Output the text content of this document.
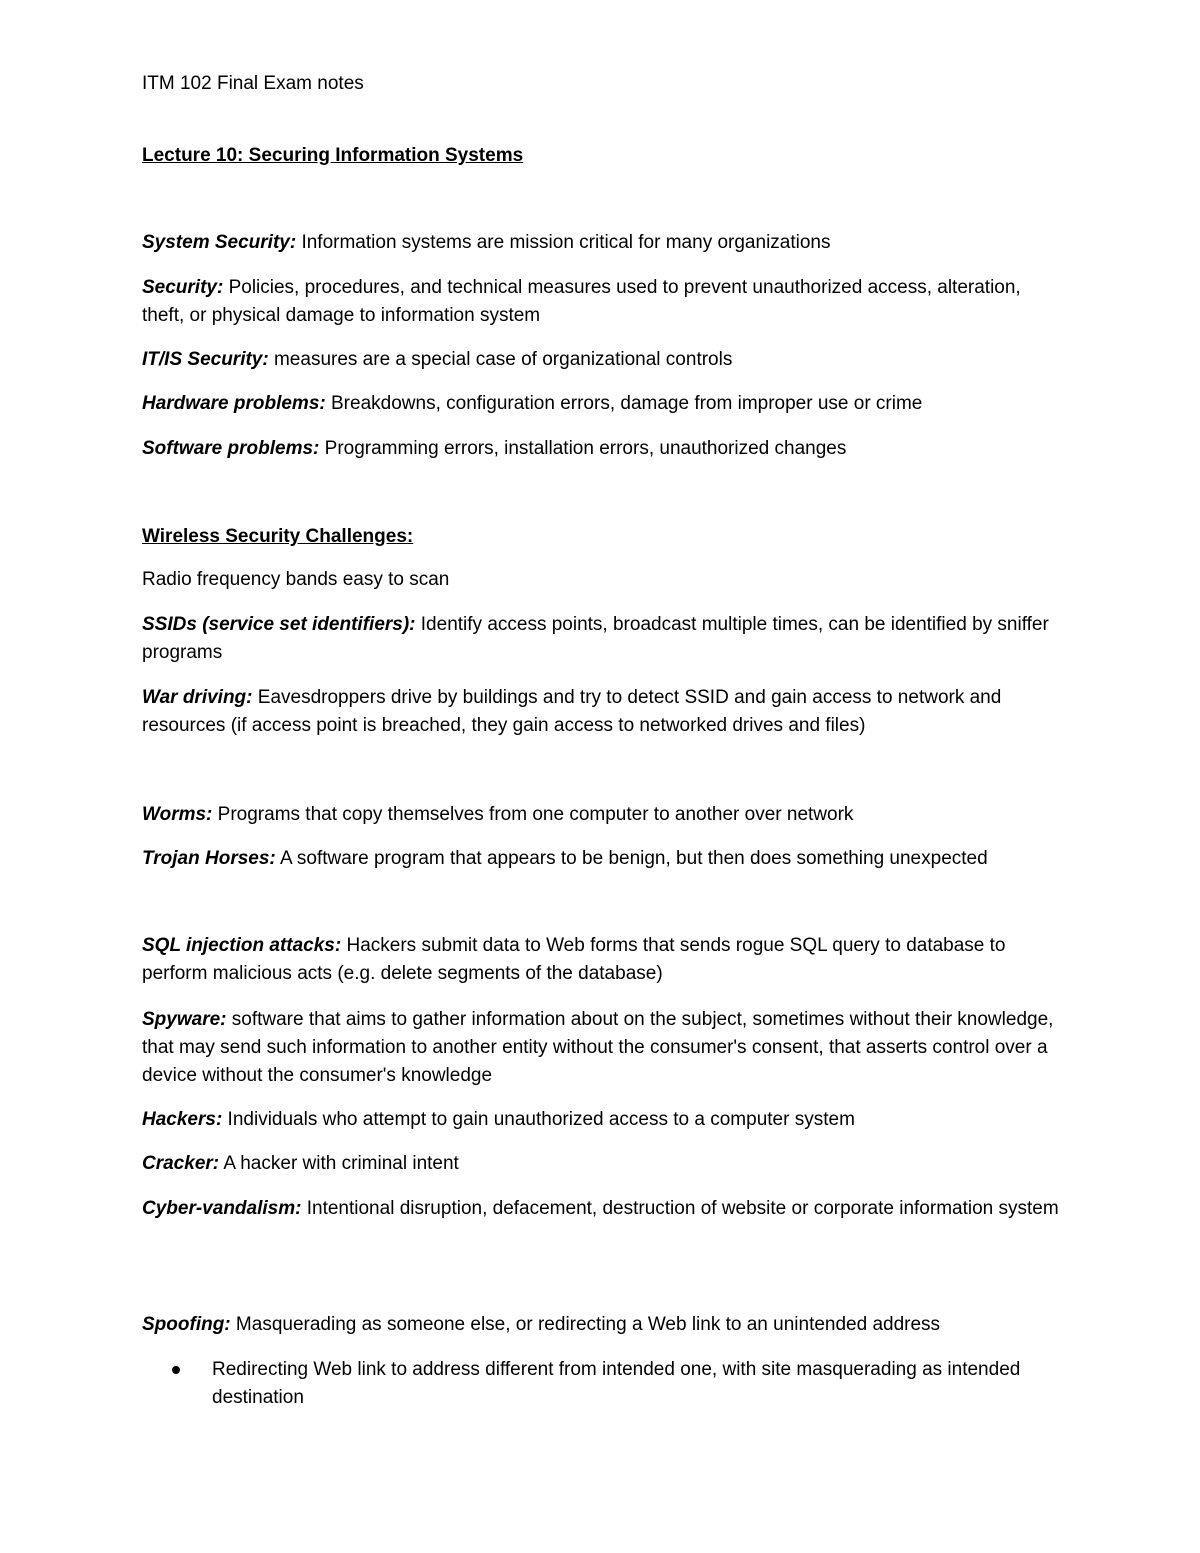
ITM 102 Final Exam notes
Lecture 10: Securing Information Systems
System Security: Information systems are mission critical for many organizations
Security: Policies, procedures, and technical measures used to prevent unauthorized access, alteration, theft, or physical damage to information system
IT/IS Security: measures are a special case of organizational controls
Hardware problems: Breakdowns, configuration errors, damage from improper use or crime
Software problems: Programming errors, installation errors, unauthorized changes
Wireless Security Challenges:
Radio frequency bands easy to scan
SSIDs (service set identifiers): Identify access points, broadcast multiple times, can be identified by sniffer programs
War driving: Eavesdroppers drive by buildings and try to detect SSID and gain access to network and resources (if access point is breached, they gain access to networked drives and files)
Worms: Programs that copy themselves from one computer to another over network
Trojan Horses: A software program that appears to be benign, but then does something unexpected
SQL injection attacks: Hackers submit data to Web forms that sends rogue SQL query to database to perform malicious acts (e.g. delete segments of the database)
Spyware: software that aims to gather information about on the subject, sometimes without their knowledge, that may send such information to another entity without the consumer's consent, that asserts control over a device without the consumer's knowledge
Hackers: Individuals who attempt to gain unauthorized access to a computer system
Cracker: A hacker with criminal intent
Cyber-vandalism: Intentional disruption, defacement, destruction of website or corporate information system
Spoofing: Masquerading as someone else, or redirecting a Web link to an unintended address
Redirecting Web link to address different from intended one, with site masquerading as intended destination
